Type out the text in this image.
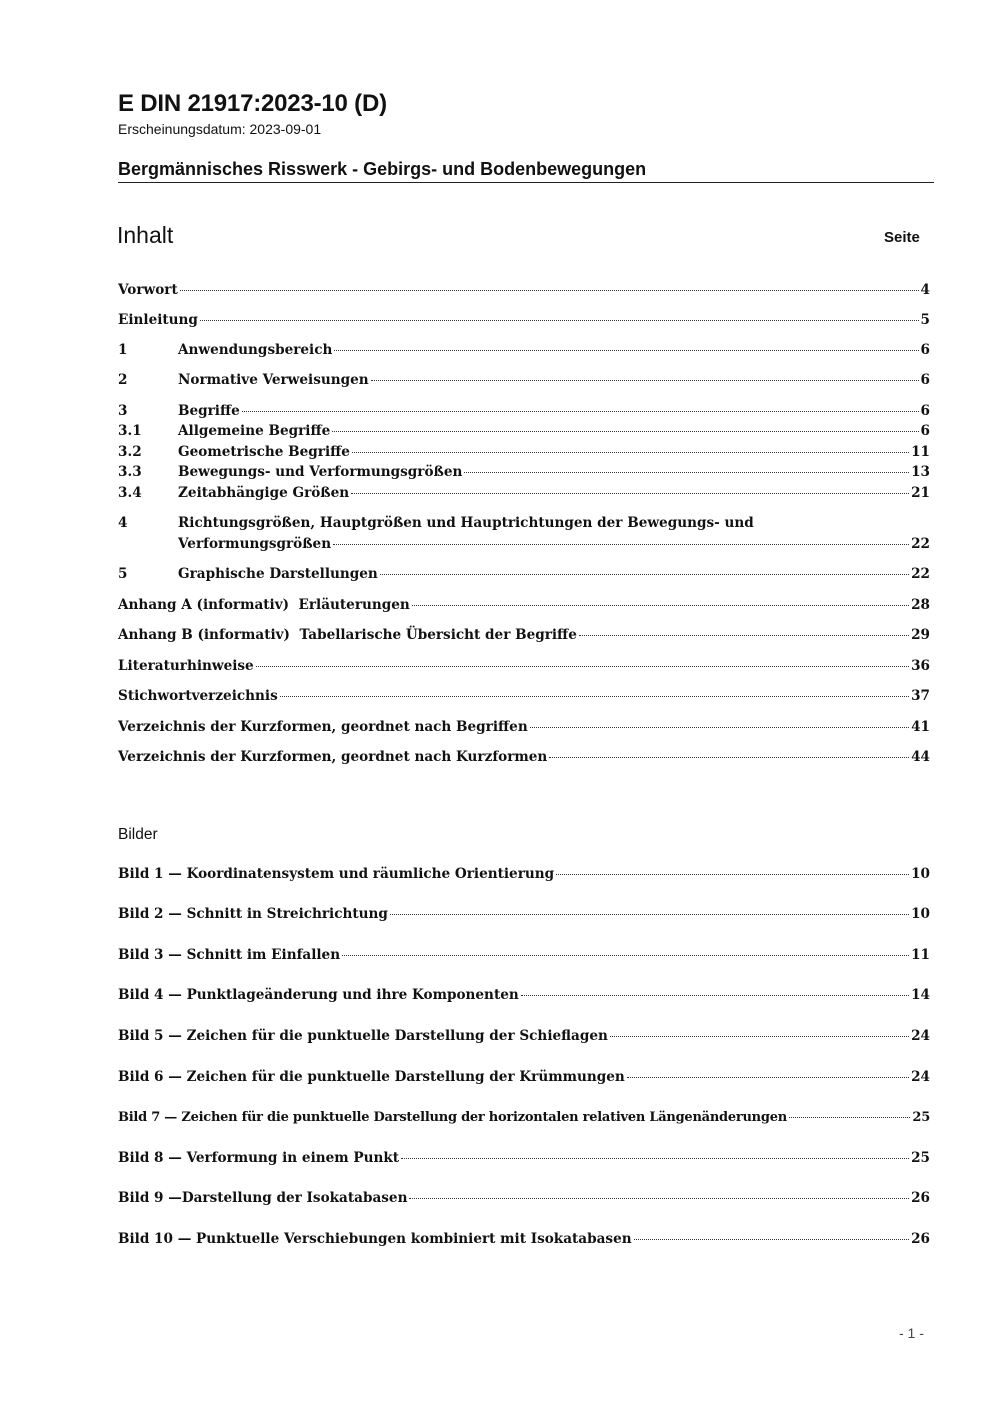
E DIN 21917:2023-10 (D)
Erscheinungsdatum: 2023-09-01
Bergmännisches Risswerk - Gebirgs- und Bodenbewegungen
Inhalt	Seite
Vorwort	4
Einleitung	5
1	Anwendungsbereich	6
2	Normative Verweisungen	6
3	Begriffe	6
3.1	Allgemeine Begriffe	6
3.2	Geometrische Begriffe	11
3.3	Bewegungs- und Verformungsgrößen	13
3.4	Zeitabhängige Größen	21
4	Richtungsgrößen, Hauptgrößen und Hauptrichtungen der Bewegungs- und
Verformungsgrößen	22
5	Graphische Darstellungen	22
Anhang A (informativ)  Erläuterungen	28
Anhang B (informativ)  Tabellarische Übersicht der Begriffe	29
Literaturhinweise	36
Stichwortverzeichnis	37
Verzeichnis der Kurzformen, geordnet nach Begriffen	41
Verzeichnis der Kurzformen, geordnet nach Kurzformen	44
Bilder
Bild 1 — Koordinatensystem und räumliche Orientierung	10
Bild 2 — Schnitt in Streichrichtung	10
Bild 3 — Schnitt im Einfallen	11
Bild 4 — Punktlageänderung und ihre Komponenten	14
Bild 5 — Zeichen für die punktuelle Darstellung der Schieflagen	24
Bild 6 — Zeichen für die punktuelle Darstellung der Krümmungen	24
Bild 7 — Zeichen für die punktuelle Darstellung der horizontalen relativen Längenänderungen	25
Bild 8 — Verformung in einem Punkt	25
Bild 9 —Darstellung der Isokatabasen	26
Bild 10 — Punktuelle Verschiebungen kombiniert mit Isokatabasen	26
- 1 -
